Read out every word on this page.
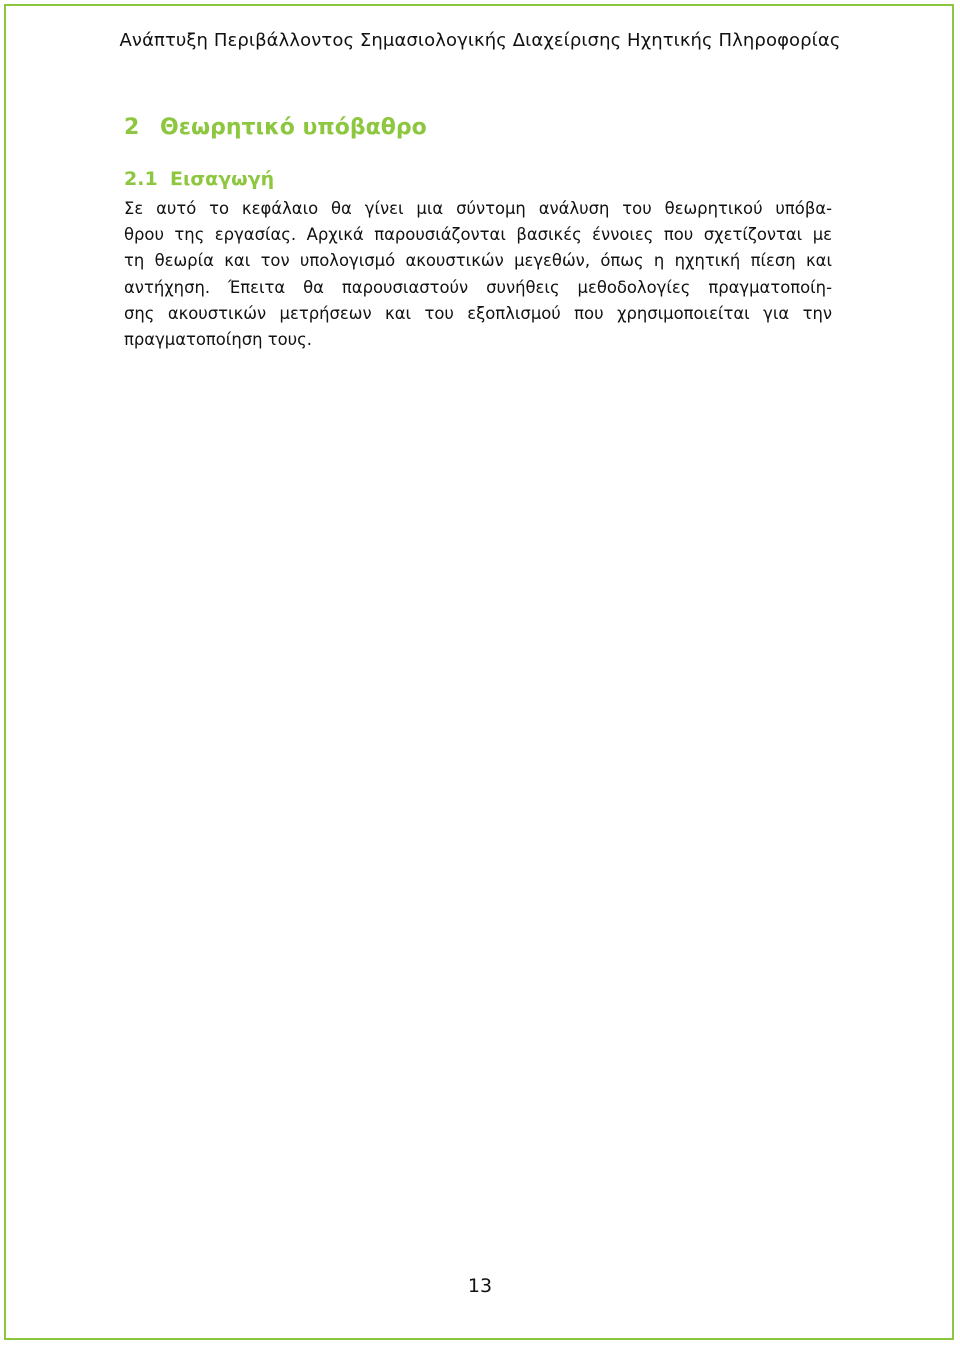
Ανάπτυξη Περιβάλλοντος Σημασιολογικής Διαχείρισης Ηχητικής Πληροφορίας
2 Θεωρητικό υπόβαθρο
2.1 Εισαγωγή
Σε αυτό το κεφάλαιο θα γίνει μια σύντομη ανάλυση του θεωρητικού υπόβα-
θρου της εργασίας. Αρχικά παρουσιάζονται βασικές έννοιες που σχετίζονται με
τη θεωρία και τον υπολογισμό ακουστικών μεγεθών, όπως η ηχητική πίεση και
αντήχηση. Έπειτα θα παρουσιαστούν συνήθεις μεθοδολογίες πραγματοποίη-
σης ακουστικών μετρήσεων και του εξοπλισμού που χρησιμοποιείται για την
πραγματοποίηση τους.
13
